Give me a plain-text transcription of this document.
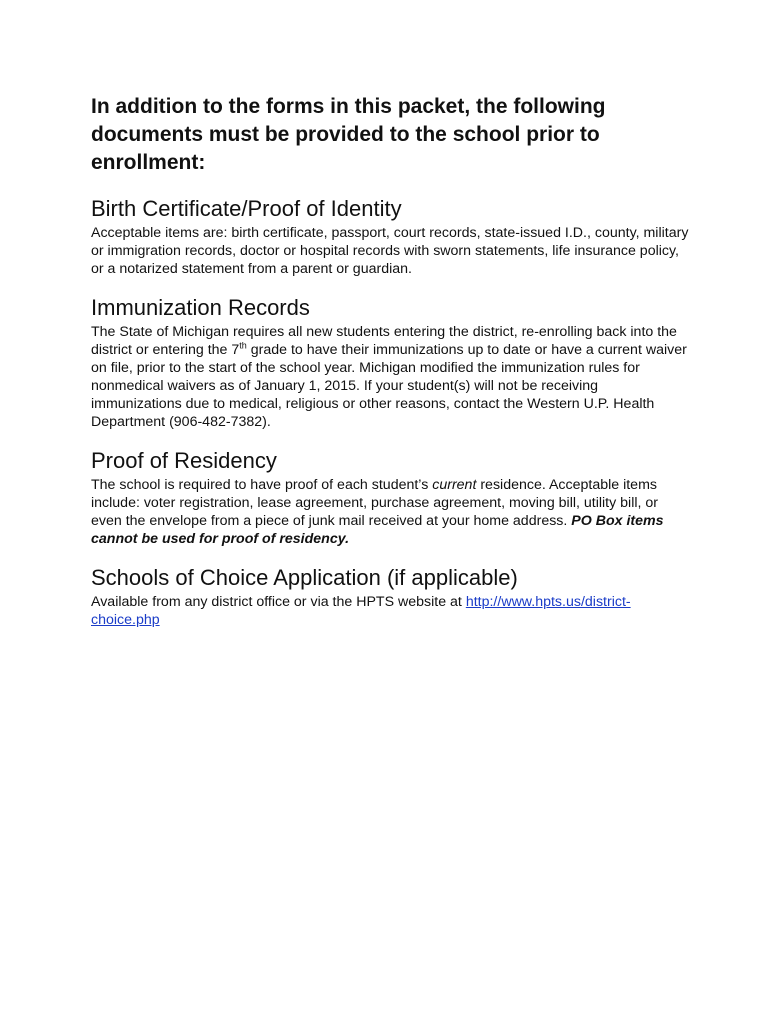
In addition to the forms in this packet, the following documents must be provided to the school prior to enrollment:
Birth Certificate/Proof of Identity

Acceptable items are: birth certificate, passport, court records, state-issued I.D., county, military or immigration records, doctor or hospital records with sworn statements, life insurance policy, or a notarized statement from a parent or guardian.

Immunization Records

The State of Michigan requires all new students entering the district, re-enrolling back into the district or entering the 7th grade to have their immunizations up to date or have a current waiver on file, prior to the start of the school year. Michigan modified the immunization rules for nonmedical waivers as of January 1, 2015. If your student(s) will not be receiving immunizations due to medical, religious or other reasons, contact the Western U.P. Health Department (906-482-7382).

Proof of Residency

The school is required to have proof of each student’s current residence. Acceptable items include: voter registration, lease agreement, purchase agreement, moving bill, utility bill, or even the envelope from a piece of junk mail received at your home address. PO Box items cannot be used for proof of residency.

Schools of Choice Application (if applicable)

Available from any district office or via the HPTS website at http://www.hpts.us/district-choice.php
